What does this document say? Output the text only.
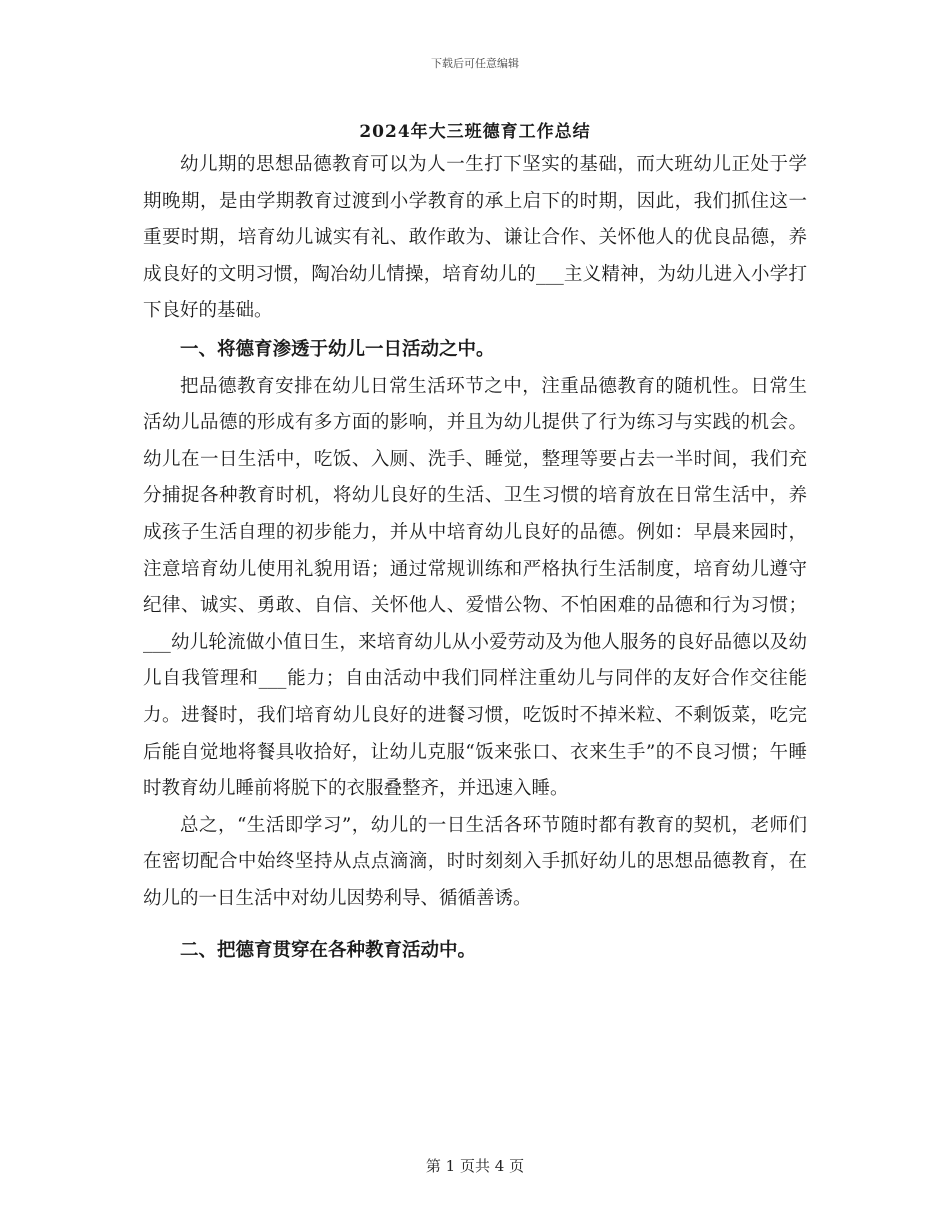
下载后可任意编辑
2024年大三班德育工作总结

幼儿期的思想品德教育可以为人一生打下坚实的基础，而大班幼儿正处于学期晚期，是由学期教育过渡到小学教育的承上启下的时期，因此，我们抓住这一重要时期，培育幼儿诚实有礼、敢作敢为、谦让合作、关怀他人的优良品德，养成良好的文明习惯，陶冶幼儿情操，培育幼儿的___主义精神，为幼儿进入小学打下良好的基础。

一、将德育渗透于幼儿一日活动之中。

把品德教育安排在幼儿日常生活环节之中，注重品德教育的随机性。日常生活幼儿品德的形成有多方面的影响，并且为幼儿提供了行为练习与实践的机会。幼儿在一日生活中，吃饭、入厕、洗手、睡觉，整理等要占去一半时间，我们充分捕捉各种教育时机，将幼儿良好的生活、卫生习惯的培育放在日常生活中，养成孩子生活自理的初步能力，并从中培育幼儿良好的品德。例如：早晨来园时，注意培育幼儿使用礼貌用语；通过常规训练和严格执行生活制度，培育幼儿遵守纪律、诚实、勇敢、自信、关怀他人、爱惜公物、不怕困难的品德和行为习惯；___幼儿轮流做小值日生，来培育幼儿从小爱劳动及为他人服务的良好品德以及幼儿自我管理和___能力；自由活动中我们同样注重幼儿与同伴的友好合作交往能力。进餐时，我们培育幼儿良好的进餐习惯，吃饭时不掉米粒、不剩饭菜，吃完后能自觉地将餐具收拾好，让幼儿克服“饭来张口、衣来生手”的不良习惯；午睡时教育幼儿睡前将脱下的衣服叠整齐，并迅速入睡。

总之，“生活即学习”，幼儿的一日生活各环节随时都有教育的契机，老师们在密切配合中始终坚持从点点滴滴，时时刻刻入手抓好幼儿的思想品德教育，在幼儿的一日生活中对幼儿因势利导、循循善诱。

二、把德育贯穿在各种教育活动中。

第 1 页共 4 页
